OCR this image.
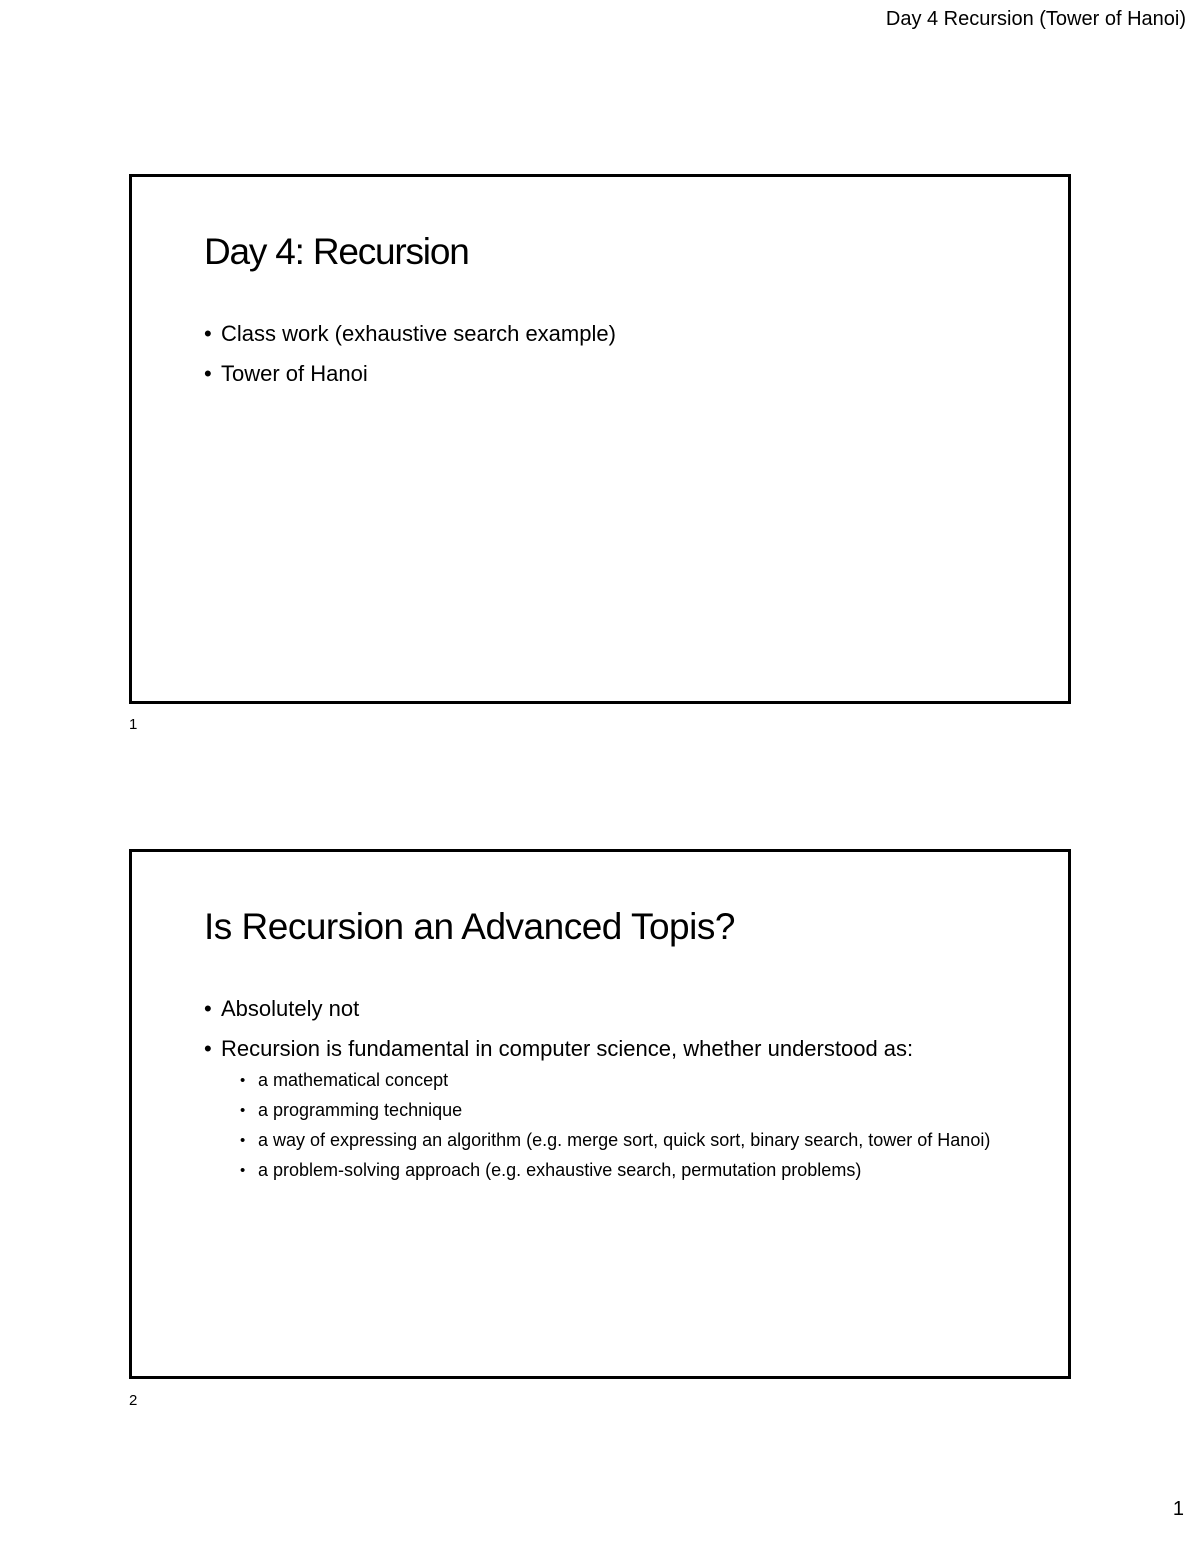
Day 4 Recursion (Tower of Hanoi)
Day 4: Recursion
• Class work (exhaustive search example)
• Tower of Hanoi
1
Is Recursion an Advanced Topis?
• Absolutely not
• Recursion is fundamental in computer science, whether understood as:
• a mathematical concept
• a programming technique
• a way of expressing an algorithm (e.g. merge sort, quick sort, binary search, tower of Hanoi)
• a problem-solving approach (e.g. exhaustive search, permutation problems)
2
1
